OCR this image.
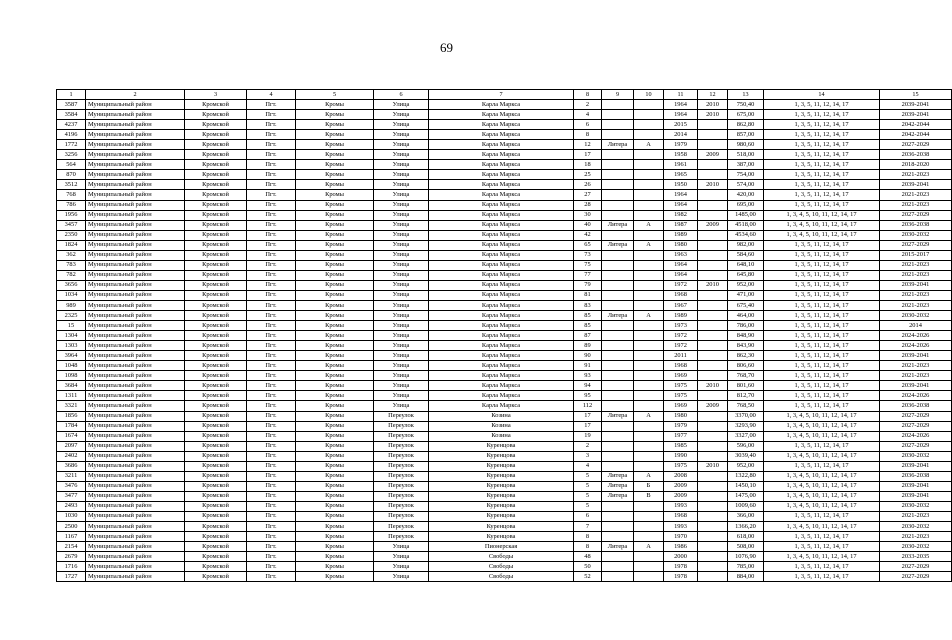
69
1	2	3	4	5	6	7	8	9	10	11	12	13	14	15
3587	Муниципальный район	Кромской	Пгт.	Кромы	Улица	Карла Маркса	2			1964	2010	750,40	1, 3, 5, 11, 12, 14, 17	2039-2041
3584	Муниципальный район	Кромской	Пгт.	Кромы	Улица	Карла Маркса	4			1964	2010	675,00	1, 3, 5, 11, 12, 14, 17	2039-2041
4237	Муниципальный район	Кромской	Пгт.	Кромы	Улица	Карла Маркса	6			2015		862,80	1, 3, 5, 11, 12, 14, 17	2042-2044
4196	Муниципальный район	Кромской	Пгт.	Кромы	Улица	Карла Маркса	8			2014		857,00	1, 3, 5, 11, 12, 14, 17	2042-2044
1772	Муниципальный район	Кромской	Пгт.	Кромы	Улица	Карла Маркса	12	Литера	А	1979		980,60	1, 3, 5, 11, 12, 14, 17	2027-2029
3256	Муниципальный район	Кромской	Пгт.	Кромы	Улица	Карла Маркса	17			1958	2009	518,00	1, 3, 5, 11, 12, 14, 17	2036-2038
564	Муниципальный район	Кромской	Пгт.	Кромы	Улица	Карла Маркса	18			1961		387,00	1, 3, 5, 11, 12, 14, 17	2018-2020
870	Муниципальный район	Кромской	Пгт.	Кромы	Улица	Карла Маркса	25			1965		754,00	1, 3, 5, 11, 12, 14, 17	2021-2023
3512	Муниципальный район	Кромской	Пгт.	Кромы	Улица	Карла Маркса	26			1950	2010	574,00	1, 3, 5, 11, 12, 14, 17	2039-2041
768	Муниципальный район	Кромской	Пгт.	Кромы	Улица	Карла Маркса	27			1964		420,00	1, 3, 5, 11, 12, 14, 17	2021-2023
786	Муниципальный район	Кромской	Пгт.	Кромы	Улица	Карла Маркса	28			1964		695,00	1, 3, 5, 11, 12, 14, 17	2021-2023
1956	Муниципальный район	Кромской	Пгт.	Кромы	Улица	Карла Маркса	30			1982		1485,00	1, 3, 4, 5, 10, 11, 12, 14, 17	2027-2029
3457	Муниципальный район	Кромской	Пгт.	Кромы	Улица	Карла Маркса	40	Литера	А	1987	2009	4518,00	1, 3, 4, 5, 10, 11, 12, 14, 17	2036-2038
2350	Муниципальный район	Кромской	Пгт.	Кромы	Улица	Карла Маркса	42			1989		4534,60	1, 3, 4, 5, 10, 11, 12, 14, 17	2030-2032
1824	Муниципальный район	Кромской	Пгт.	Кромы	Улица	Карла Маркса	65	Литера	А	1980		982,00	1, 3, 5, 11, 12, 14, 17	2027-2029
362	Муниципальный район	Кромской	Пгт.	Кромы	Улица	Карла Маркса	73			1963		584,60	1, 3, 5, 11, 12, 14, 17	2015-2017
783	Муниципальный район	Кромской	Пгт.	Кромы	Улица	Карла Маркса	75			1964		648,10	1, 3, 5, 11, 12, 14, 17	2021-2023
782	Муниципальный район	Кромской	Пгт.	Кромы	Улица	Карла Маркса	77			1964		645,80	1, 3, 5, 11, 12, 14, 17	2021-2023
3656	Муниципальный район	Кромской	Пгт.	Кромы	Улица	Карла Маркса	79			1972	2010	952,00	1, 3, 5, 11, 12, 14, 17	2039-2041
1034	Муниципальный район	Кромской	Пгт.	Кромы	Улица	Карла Маркса	81			1968		471,00	1, 3, 5, 11, 12, 14, 17	2021-2023
989	Муниципальный район	Кромской	Пгт.	Кромы	Улица	Карла Маркса	83			1967		675,40	1, 3, 5, 11, 12, 14, 17	2021-2023
2325	Муниципальный район	Кромской	Пгт.	Кромы	Улица	Карла Маркса	85	Литера	А	1989		464,00	1, 3, 5, 11, 12, 14, 17	2030-2032
15	Муниципальный район	Кромской	Пгт.	Кромы	Улица	Карла Маркса	85			1973		786,00	1, 3, 5, 11, 12, 14, 17	2014
1304	Муниципальный район	Кромской	Пгт.	Кромы	Улица	Карла Маркса	87			1972		848,90	1, 3, 5, 11, 12, 14, 17	2024-2026
1303	Муниципальный район	Кромской	Пгт.	Кромы	Улица	Карла Маркса	89			1972		843,90	1, 3, 5, 11, 12, 14, 17	2024-2026
3964	Муниципальный район	Кромской	Пгт.	Кромы	Улица	Карла Маркса	90			2011		862,30	1, 3, 5, 11, 12, 14, 17	2039-2041
1048	Муниципальный район	Кромской	Пгт.	Кромы	Улица	Карла Маркса	91			1968		806,60	1, 3, 5, 11, 12, 14, 17	2021-2023
1098	Муниципальный район	Кромской	Пгт.	Кромы	Улица	Карла Маркса	93			1969		768,70	1, 3, 5, 11, 12, 14, 17	2021-2023
3684	Муниципальный район	Кромской	Пгт.	Кромы	Улица	Карла Маркса	94			1975	2010	801,60	1, 3, 5, 11, 12, 14, 17	2039-2041
1311	Муниципальный район	Кромской	Пгт.	Кромы	Улица	Карла Маркса	95			1975		812,70	1, 3, 5, 11, 12, 14, 17	2024-2026
3321	Муниципальный район	Кромской	Пгт.	Кромы	Улица	Карла Маркса	112			1969	2009	768,50	1, 3, 5, 11, 12, 14, 17	2036-2038
1856	Муниципальный район	Кромской	Пгт.	Кромы	Переулок	Козина	17	Литера	А	1980		3370,00	1, 3, 4, 5, 10, 11, 12, 14, 17	2027-2029
1784	Муниципальный район	Кромской	Пгт.	Кромы	Переулок	Козина	17			1979		3293,90	1, 3, 4, 5, 10, 11, 12, 14, 17	2027-2029
1674	Муниципальный район	Кромской	Пгт.	Кромы	Переулок	Козина	19			1977		3327,00	1, 3, 4, 5, 10, 11, 12, 14, 17	2024-2026
2097	Муниципальный район	Кромской	Пгт.	Кромы	Переулок	Куренцова	2			1985		596,00	1, 3, 5, 11, 12, 14, 17	2027-2029
2402	Муниципальный район	Кромской	Пгт.	Кромы	Переулок	Куренцова	3			1990		3039,40	1, 3, 4, 5, 10, 11, 12, 14, 17	2030-2032
3686	Муниципальный район	Кромской	Пгт.	Кромы	Переулок	Куренцова	4			1975	2010	952,00	1, 3, 5, 11, 12, 14, 17	2039-2041
3211	Муниципальный район	Кромской	Пгт.	Кромы	Переулок	Куренцова	5	Литера	А	2008		1322,80	1, 3, 4, 5, 10, 11, 12, 14, 17	2036-2038
3476	Муниципальный район	Кромской	Пгт.	Кромы	Переулок	Куренцова	5	Литера	Б	2009		1450,10	1, 3, 4, 5, 10, 11, 12, 14, 17	2039-2041
3477	Муниципальный район	Кромской	Пгт.	Кромы	Переулок	Куренцова	5	Литера	В	2009		1475,00	1, 3, 4, 5, 10, 11, 12, 14, 17	2039-2041
2493	Муниципальный район	Кромской	Пгт.	Кромы	Переулок	Куренцова	5			1993		1009,60	1, 3, 4, 5, 10, 11, 12, 14, 17	2030-2032
1030	Муниципальный район	Кромской	Пгт.	Кромы	Переулок	Куренцова	6			1968		366,00	1, 3, 5, 11, 12, 14, 17	2021-2023
2500	Муниципальный район	Кромской	Пгт.	Кромы	Переулок	Куренцова	7			1993		1366,20	1, 3, 4, 5, 10, 11, 12, 14, 17	2030-2032
1167	Муниципальный район	Кромской	Пгт.	Кромы	Переулок	Куренцова	8			1970		618,00	1, 3, 5, 11, 12, 14, 17	2021-2023
2154	Муниципальный район	Кромской	Пгт.	Кромы	Улица	Пионерская	8	Литера	А	1986		508,00	1, 3, 5, 11, 12, 14, 17	2030-2032
2679	Муниципальный район	Кромской	Пгт.	Кромы	Улица	Свободы	48			2000		1076,90	1, 3, 4, 5, 10, 11, 12, 14, 17	2033-2035
1716	Муниципальный район	Кромской	Пгт.	Кромы	Улица	Свободы	50			1978		785,00	1, 3, 5, 11, 12, 14, 17	2027-2029
1727	Муниципальный район	Кромской	Пгт.	Кромы	Улица	Свободы	52			1978		884,00	1, 3, 5, 11, 12, 14, 17	2027-2029
